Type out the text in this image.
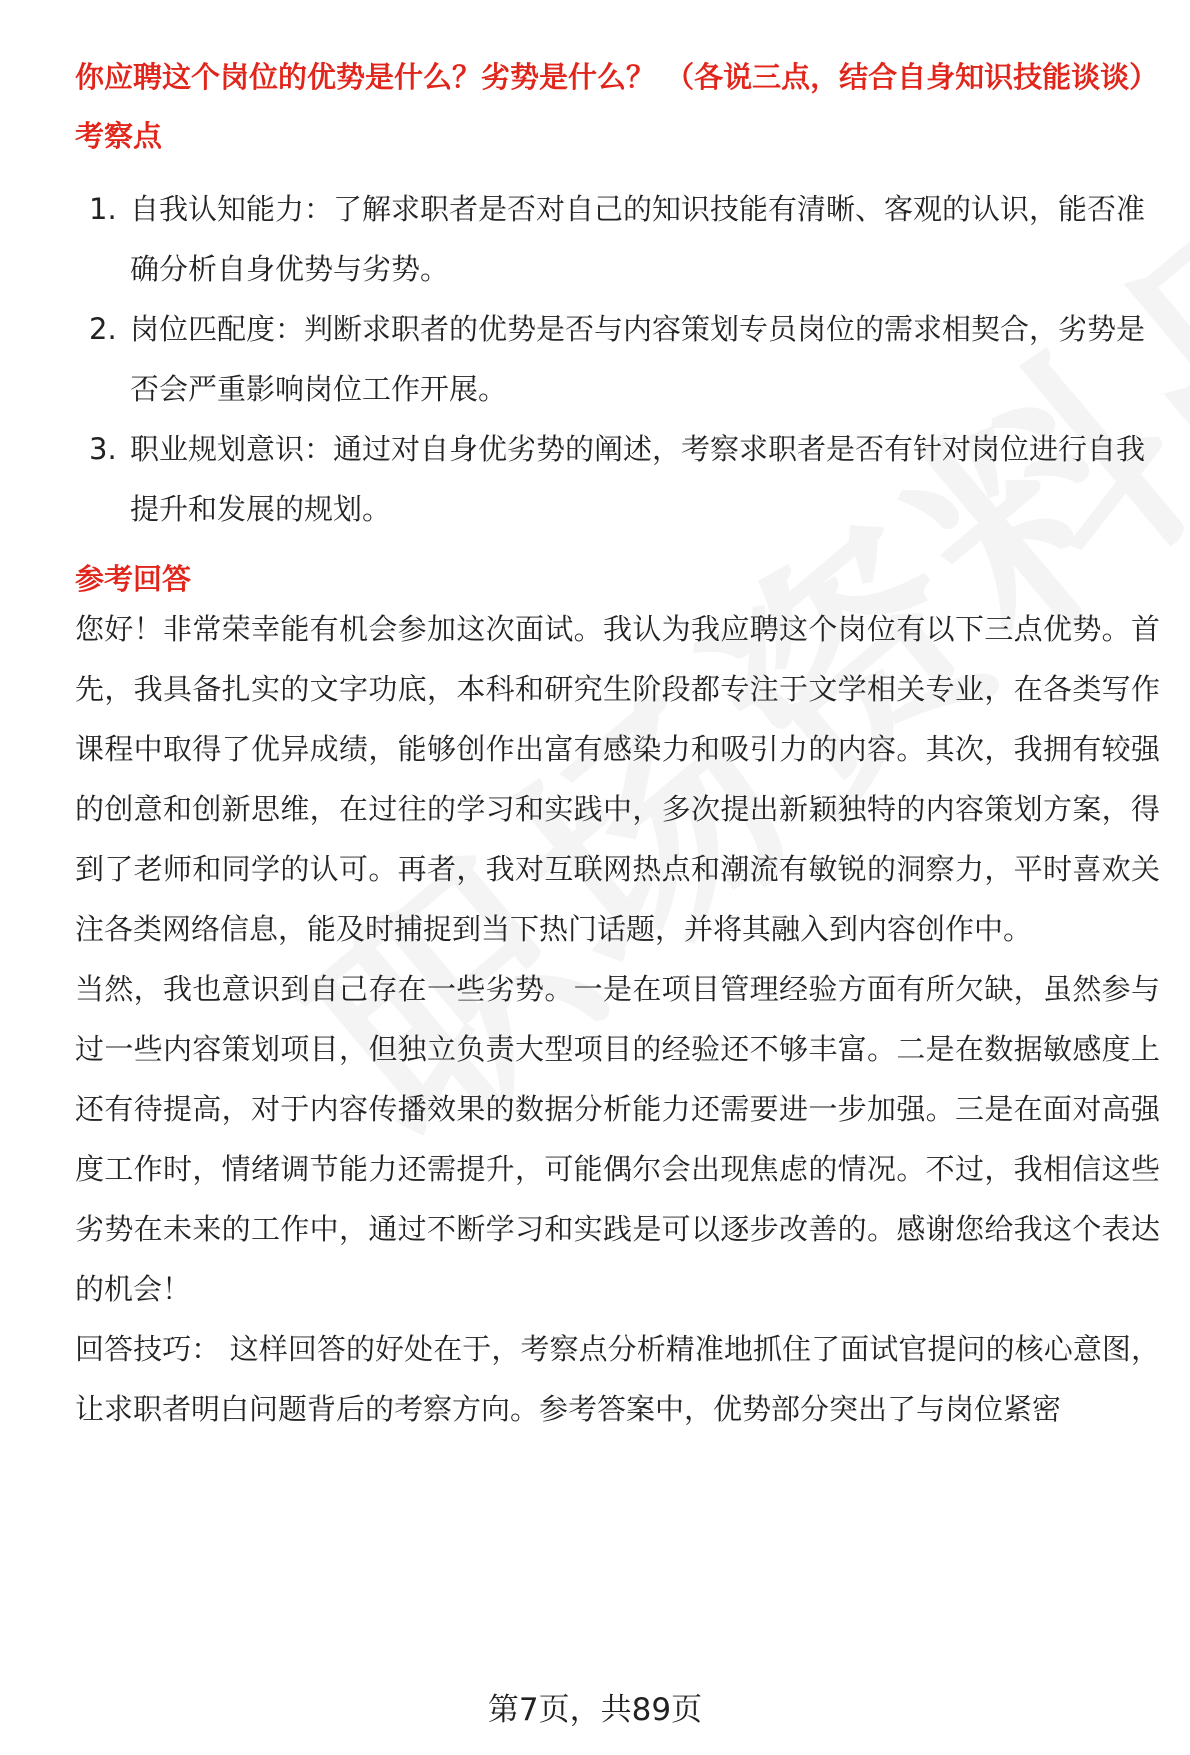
你应聘这个岗位的优势是什么？劣势是什么？ （各说三点，结合自身知识技能谈谈）
考察点
1. 自我认知能力：了解求职者是否对自己的知识技能有清晰、客观的认识，能否准确分析自身优势与劣势。
2. 岗位匹配度：判断求职者的优势是否与内容策划专员岗位的需求相契合，劣势是否会严重影响岗位工作开展。
3. 职业规划意识：通过对自身优劣势的阐述，考察求职者是否有针对岗位进行自我提升和发展的规划。
参考回答

您好！非常荣幸能有机会参加这次面试。我认为我应聘这个岗位有以下三点优势。首先，我具备扎实的文字功底，本科和研究生阶段都专注于文学相关专业，在各类写作课程中取得了优异成绩，能够创作出富有感染力和吸引力的内容。其次，我拥有较强的创意和创新思维，在过往的学习和实践中，多次提出新颖独特的内容策划方案，得到了老师和同学的认可。再者，我对互联网热点和潮流有敏锐的洞察力，平时喜欢关注各类网络信息，能及时捕捉到当下热门话题，并将其融入到内容创作中。

当然，我也意识到自己存在一些劣势。一是在项目管理经验方面有所欠缺，虽然参与过一些内容策划项目，但独立负责大型项目的经验还不够丰富。二是在数据敏感度上还有待提高，对于内容传播效果的数据分析能力还需要进一步加强。三是在面对高强度工作时，情绪调节能力还需提升，可能偶尔会出现焦虑的情况。不过，我相信这些劣势在未来的工作中，通过不断学习和实践是可以逐步改善的。感谢您给我这个表达的机会！

回答技巧： 这样回答的好处在于，考察点分析精准地抓住了面试官提问的核心意图，让求职者明白问题背后的考察方向。参考答案中，优势部分突出了与岗位紧密

第7页，共89页
